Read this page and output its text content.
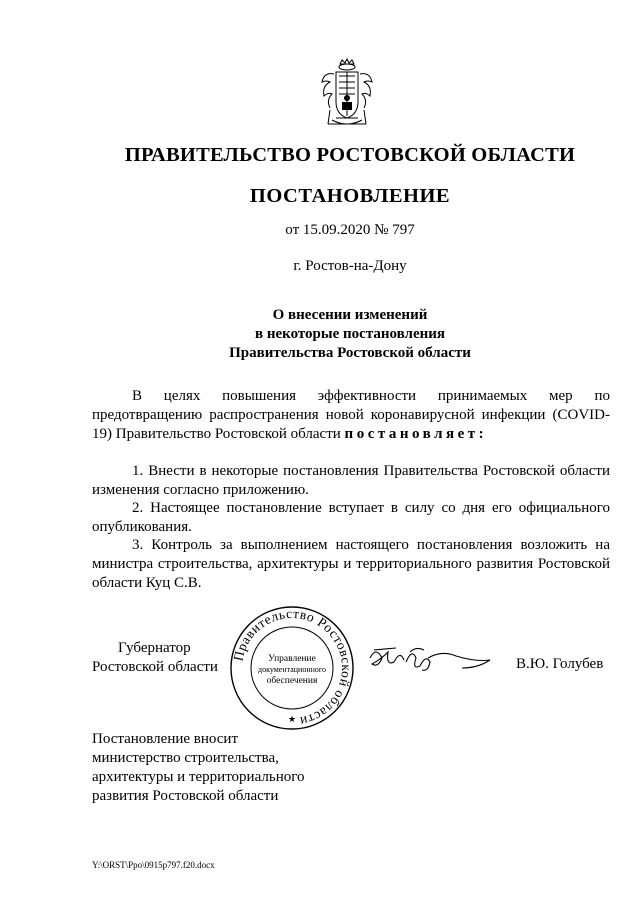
ПРАВИТЕЛЬСТВО РОСТОВСКОЙ ОБЛАСТИ
ПОСТАНОВЛЕНИЕ
от 15.09.2020 № 797
г. Ростов-на-Дону
О внесении изменений
в некоторые постановления
Правительства Ростовской области
В целях повышения эффективности принимаемых мер по предотвращению распространения новой коронавирусной инфекции (COVID-19) Правительство Ростовской области постановляет:
1. Внести в некоторые постановления Правительства Ростовской области изменения согласно приложению.
2. Настоящее постановление вступает в силу со дня его официального опубликования.
3. Контроль за выполнением настоящего постановления возложить на министра строительства, архитектуры и территориального развития Ростовской области Куц С.В.
Губернатор
Ростовской области
Правительство Ростовской области
Управление
документационного
обеспечения
★
В.Ю. Голубев
Постановление вносит
министерство строительства,
архитектуры и территориального
развития Ростовской области
Y:\ORST\Ppo\0915p797.f20.docx
